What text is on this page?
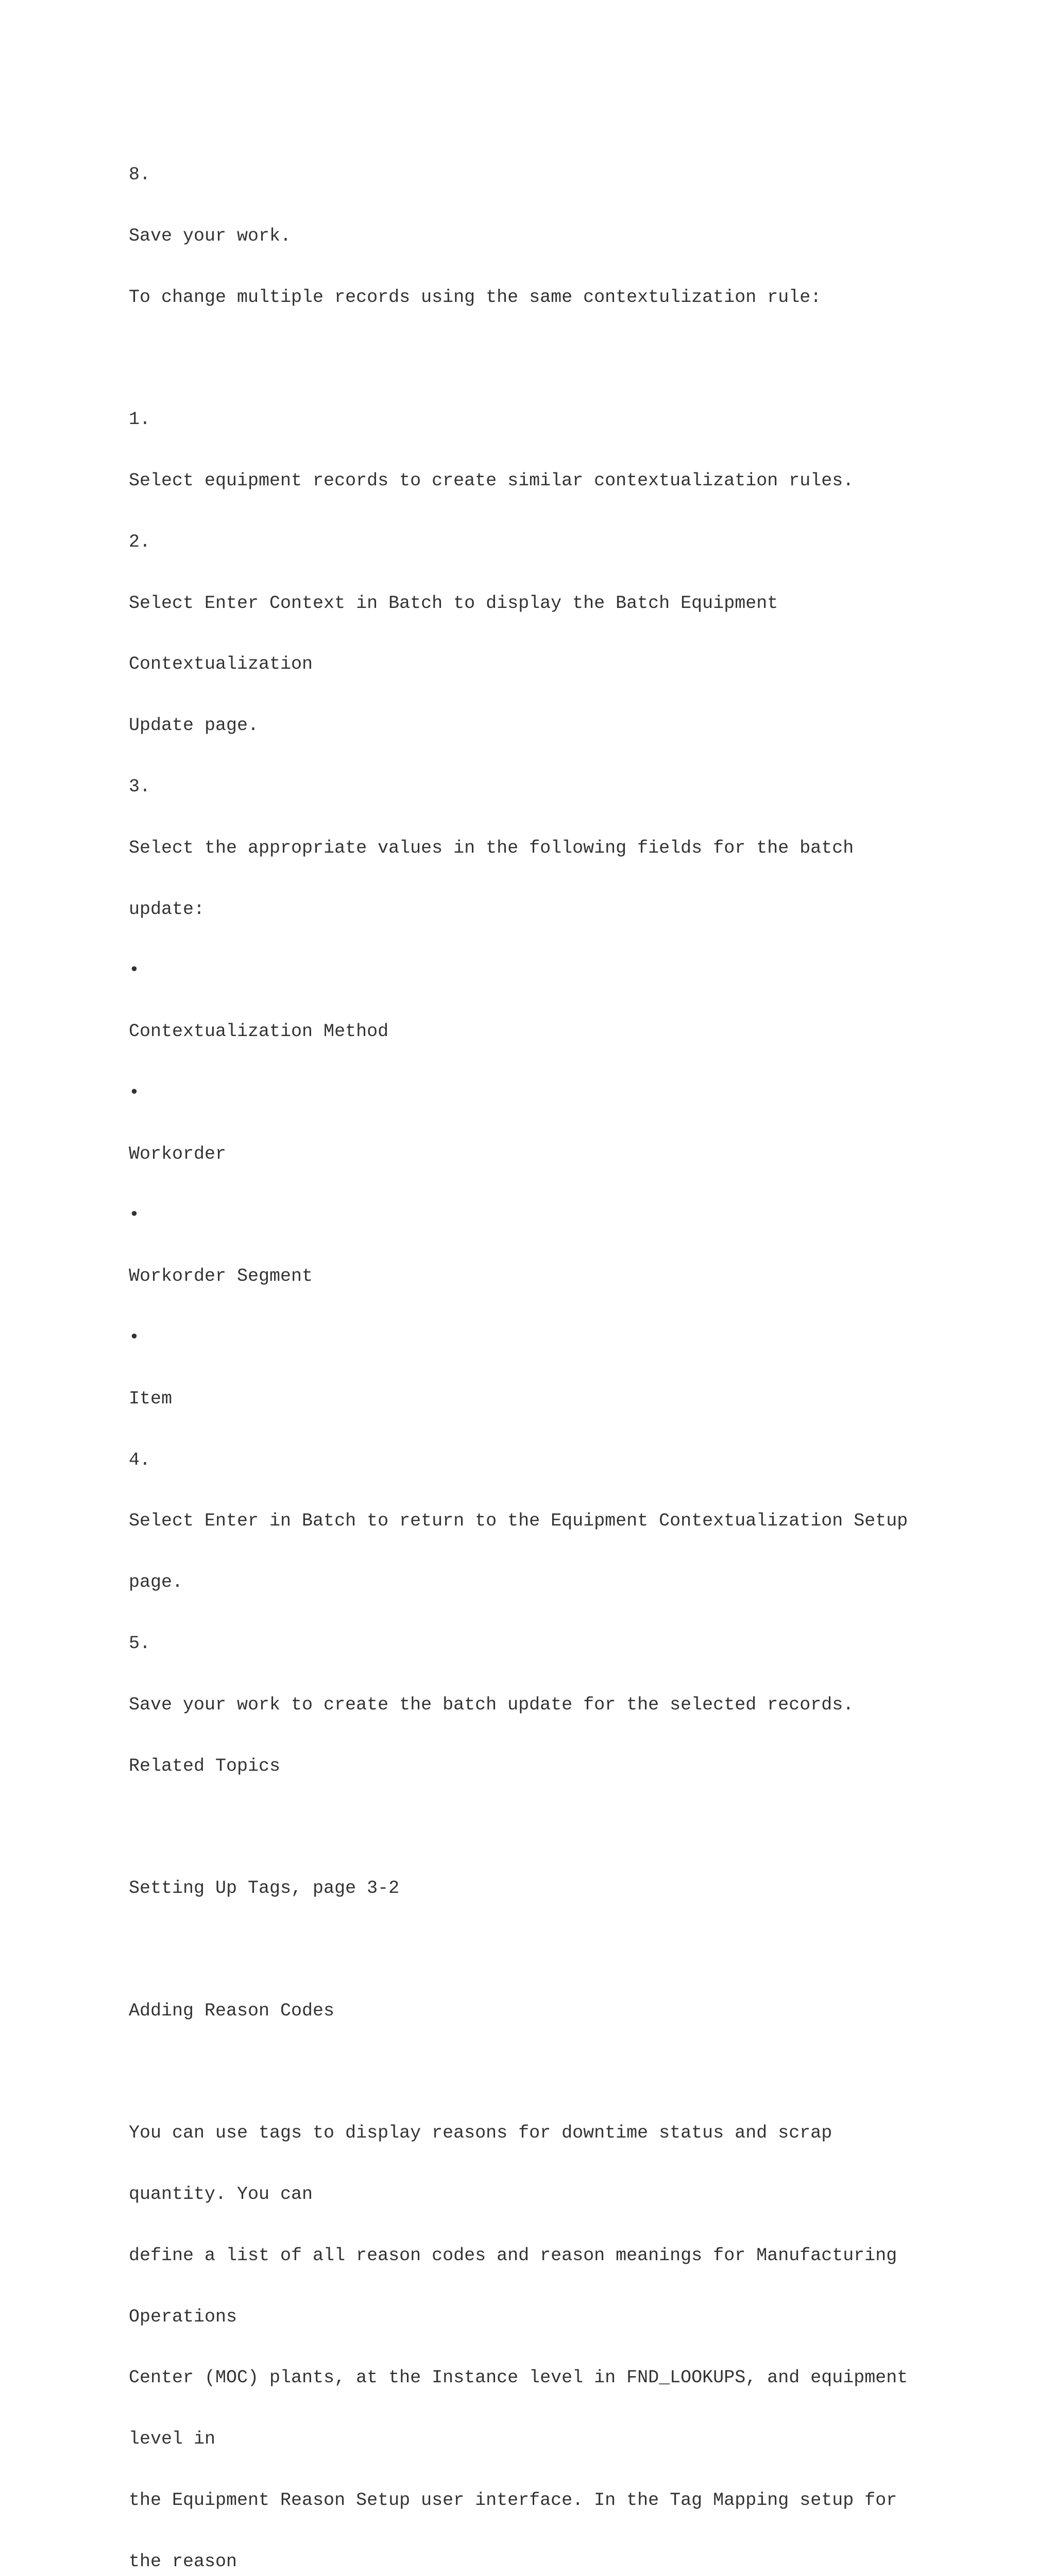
8.

Save your work.

To change multiple records using the same contextulization rule:

1.

Select equipment records to create similar contextualization rules.

2.

Select Enter Context in Batch to display the Batch Equipment

Contextualization

Update page.

3.

Select the appropriate values in the following fields for the batch

update:

•

Contextualization Method

•

Workorder

•

Workorder Segment

•

Item

4.

Select Enter in Batch to return to the Equipment Contextualization Setup

page.

5.

Save your work to create the batch update for the selected records.

Related Topics

Setting Up Tags, page 3-2

Adding Reason Codes

You can use tags to display reasons for downtime status and scrap

quantity. You can

define a list of all reason codes and reason meanings for Manufacturing

Operations

Center (MOC) plants, at the Instance level in FND_LOOKUPS, and equipment

level in

the Equipment Reason Setup user interface. In the Tag Mapping setup for

the reason
